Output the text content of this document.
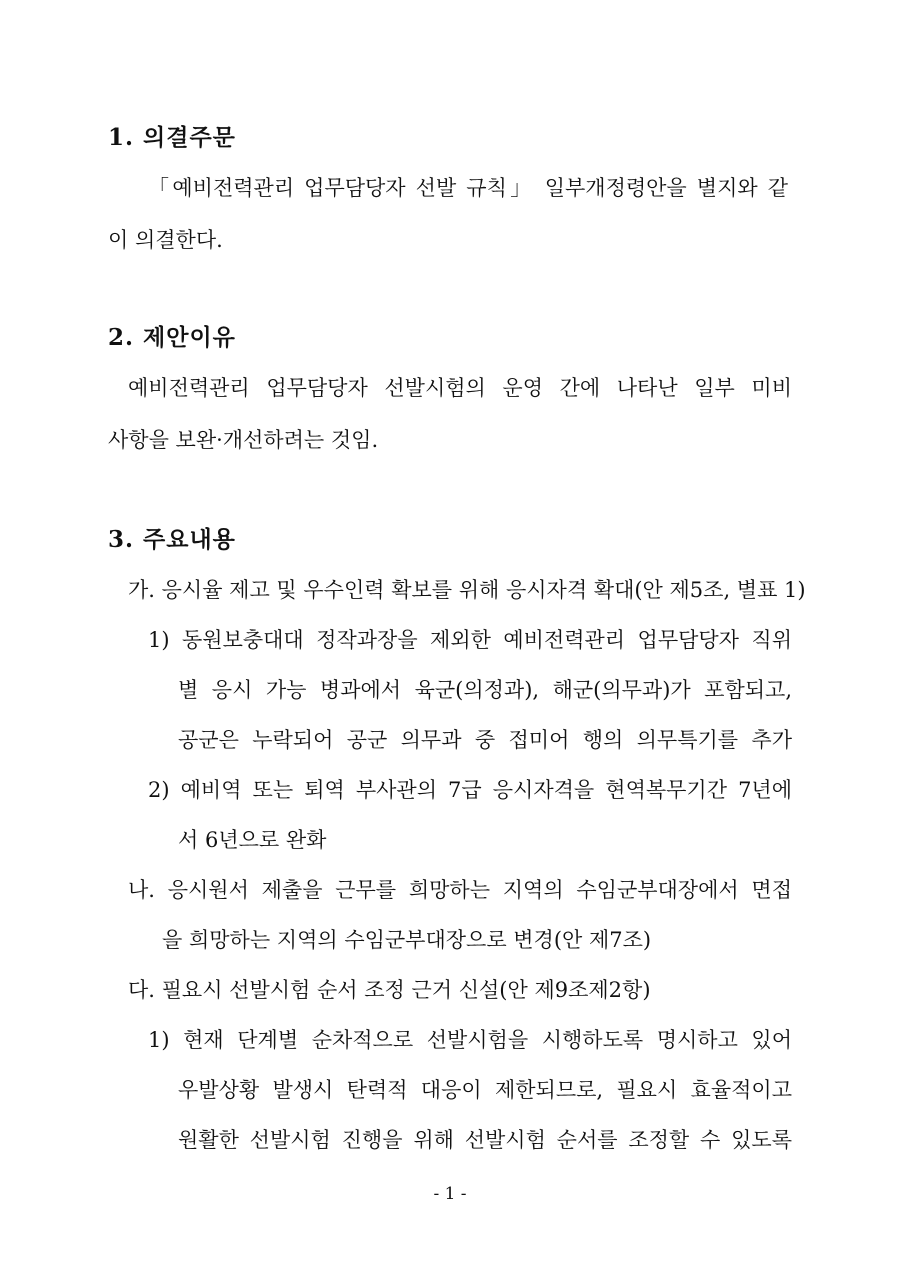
1. 의결주문
「예비전력관리 업무담당자 선발 규칙」 일부개정령안을 별지와 같
이 의결한다.
2. 제안이유
예비전력관리 업무담당자 선발시험의 운영 간에 나타난 일부 미비
사항을 보완·개선하려는 것임.
3. 주요내용
가. 응시율 제고 및 우수인력 확보를 위해 응시자격 확대(안 제5조, 별표 1)
1) 동원보충대대 정작과장을 제외한 예비전력관리 업무담당자 직위
별 응시 가능 병과에서 육군(의정과), 해군(의무과)가 포함되고,
공군은 누락되어 공군 의무과 중 접미어 행의 의무특기를 추가
2) 예비역 또는 퇴역 부사관의 7급 응시자격을 현역복무기간 7년에
서 6년으로 완화
나. 응시원서 제출을 근무를 희망하는 지역의 수임군부대장에서 면접
을 희망하는 지역의 수임군부대장으로 변경(안 제7조)
다. 필요시 선발시험 순서 조정 근거 신설(안 제9조제2항)
1) 현재 단계별 순차적으로 선발시험을 시행하도록 명시하고 있어
우발상황 발생시 탄력적 대응이 제한되므로, 필요시 효율적이고
원활한 선발시험 진행을 위해 선발시험 순서를 조정할 수 있도록
- 1 -
